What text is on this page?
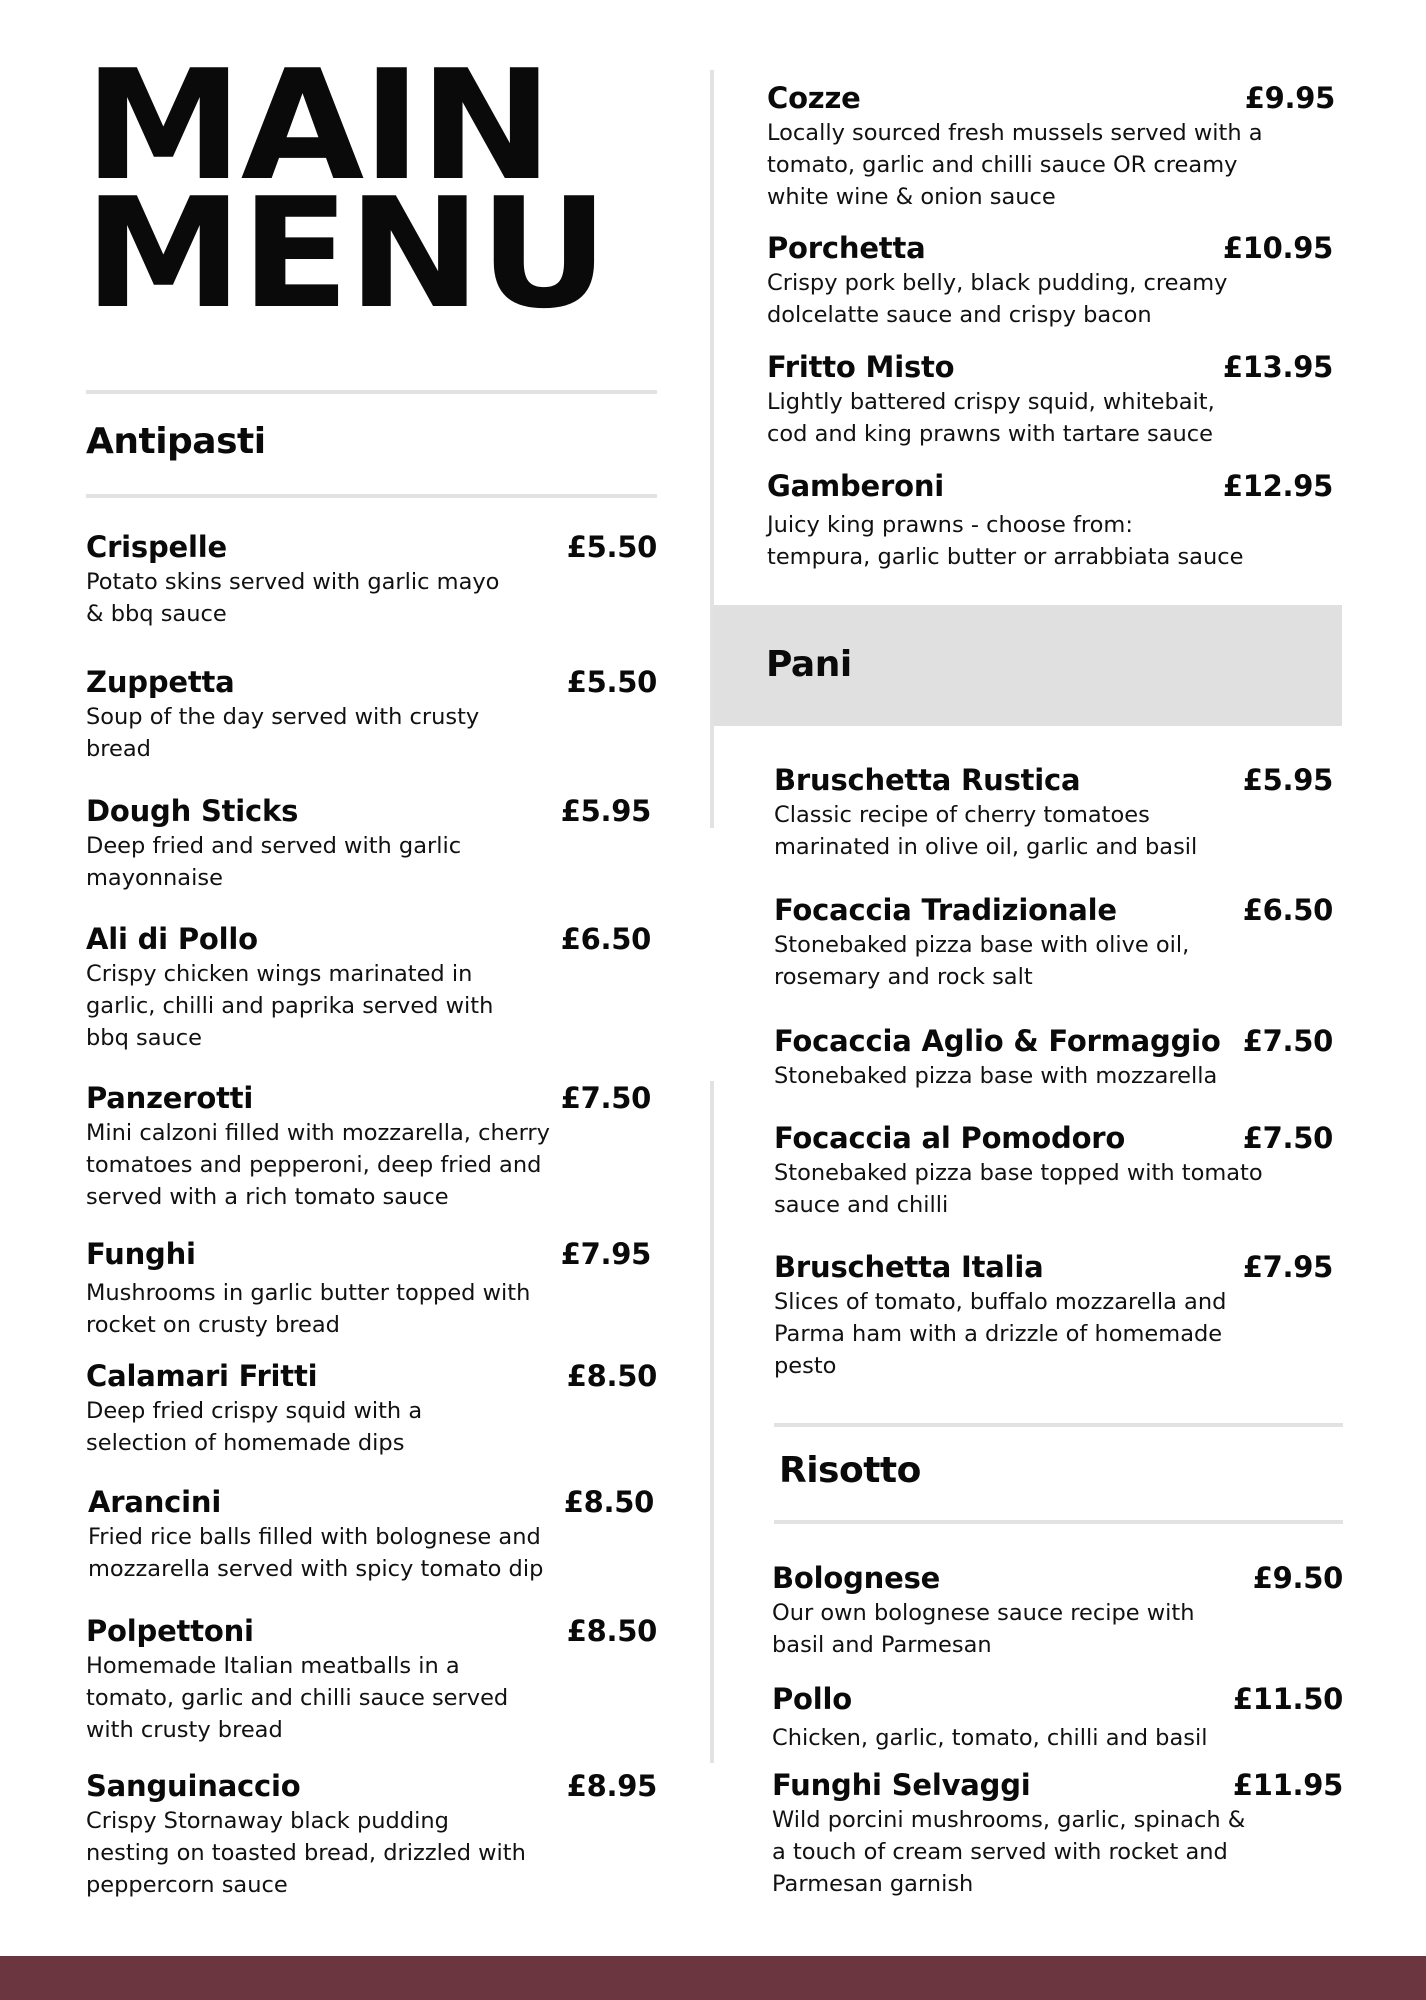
MAIN
MENU
Antipasti
Crispelle	£5.50
Potato skins served with garlic mayo
& bbq sauce
Zuppetta	£5.50
Soup of the day served with crusty
bread
Dough Sticks	£5.95
Deep fried and served with garlic
mayonnaise
Ali di Pollo	£6.50
Crispy chicken wings marinated in
garlic, chilli and paprika served with
bbq sauce
Panzerotti	£7.50
Mini calzoni filled with mozzarella, cherry
tomatoes and pepperoni, deep fried and
served with a rich tomato sauce
Funghi	£7.95
Mushrooms in garlic butter topped with
rocket on crusty bread
Calamari Fritti	£8.50
Deep fried crispy squid with a
selection of homemade dips
Arancini	£8.50
Fried rice balls filled with bolognese and
mozzarella served with spicy tomato dip
Polpettoni	£8.50
Homemade Italian meatballs in a
tomato, garlic and chilli sauce served
with crusty bread
Sanguinaccio	£8.95
Crispy Stornaway black pudding
nesting on toasted bread, drizzled with
peppercorn sauce
Cozze	£9.95
Locally sourced fresh mussels served with a
tomato, garlic and chilli sauce OR creamy
white wine & onion sauce
Porchetta	£10.95
Crispy pork belly, black pudding, creamy
dolcelatte sauce and crispy bacon
Fritto Misto	£13.95
Lightly battered crispy squid, whitebait,
cod and king prawns with tartare sauce
Gamberoni	£12.95
Juicy king prawns - choose from:
tempura, garlic butter or arrabbiata sauce
Pani
Bruschetta Rustica	£5.95
Classic recipe of cherry tomatoes
marinated in olive oil, garlic and basil
Focaccia Tradizionale	£6.50
Stonebaked pizza base with olive oil,
rosemary and rock salt
Focaccia Aglio & Formaggio £7.50
Stonebaked pizza base with mozzarella
Focaccia al Pomodoro	£7.50
Stonebaked pizza base topped with tomato
sauce and chilli
Bruschetta Italia	£7.95
Slices of tomato, buffalo mozzarella and
Parma ham with a drizzle of homemade
pesto
Risotto
Bolognese	£9.50
Our own bolognese sauce recipe with
basil and Parmesan
Pollo	£11.50
Chicken, garlic, tomato, chilli and basil
Funghi Selvaggi	£11.95
Wild porcini mushrooms, garlic, spinach &
a touch of cream served with rocket and
Parmesan garnish
